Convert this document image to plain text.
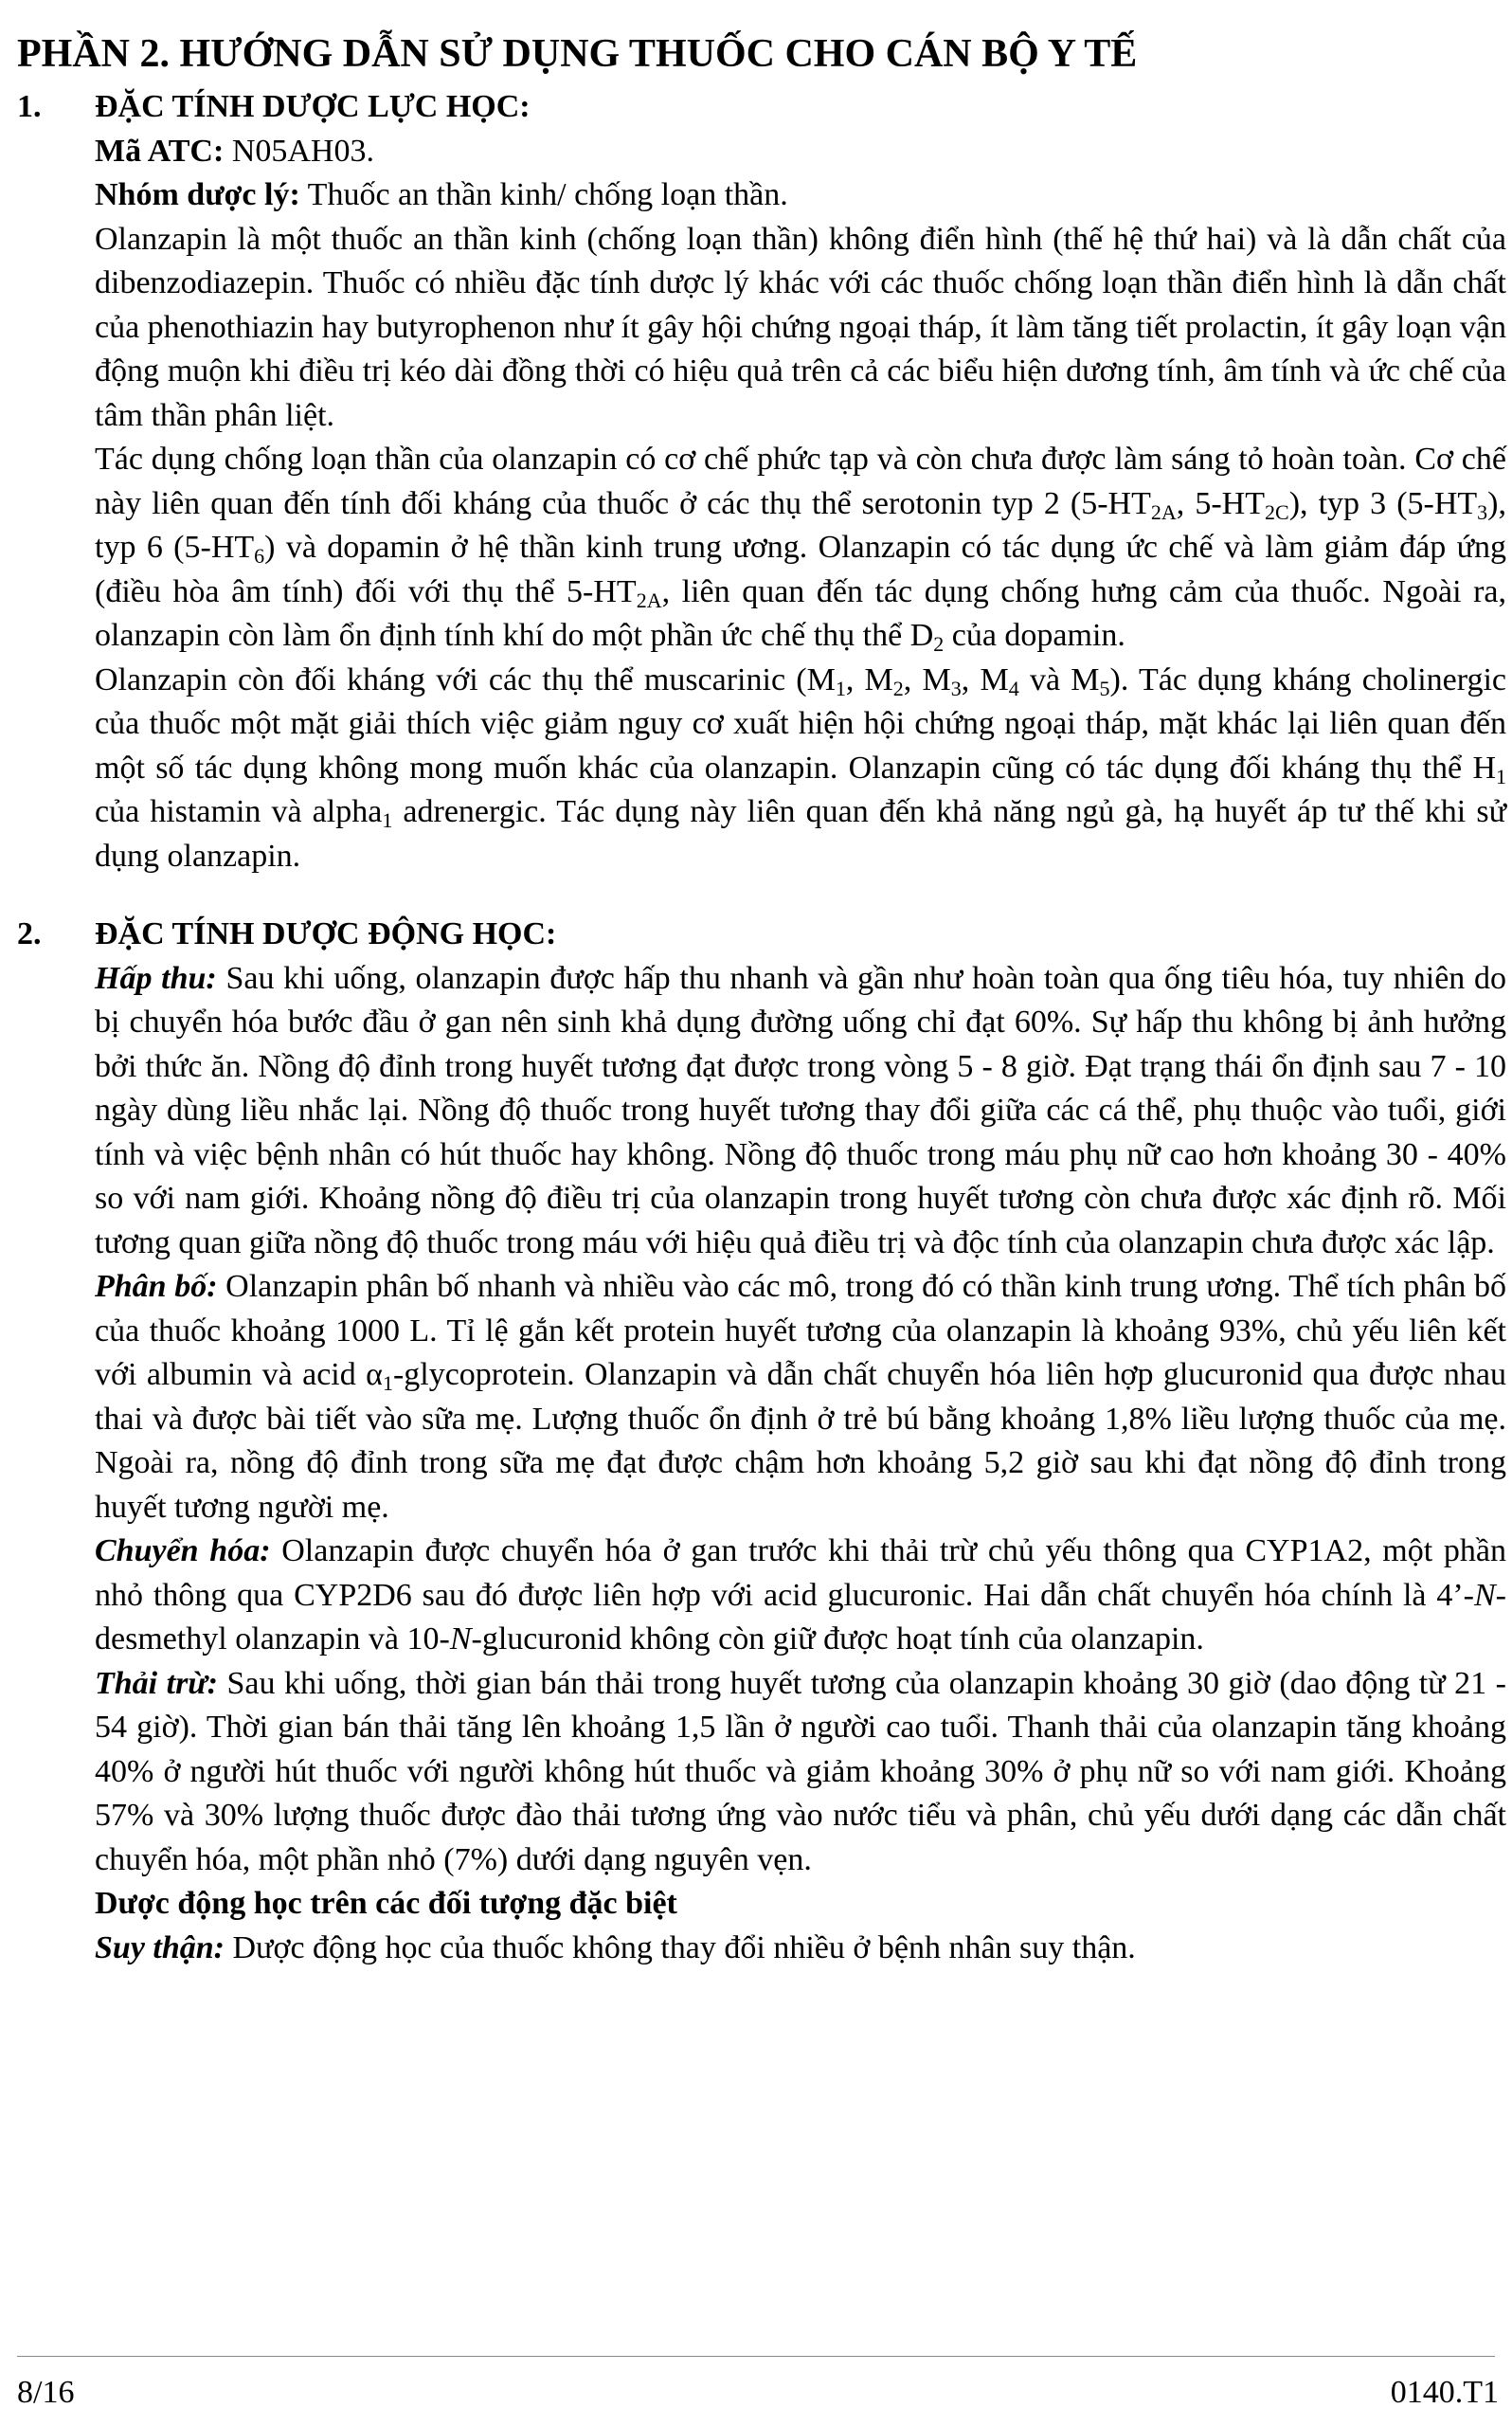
PHẦN 2. HƯỚNG DẪN SỬ DỤNG THUỐC CHO CÁN BỘ Y TẾ
1. ĐẶC TÍNH DƯỢC LỰC HỌC:

Mã ATC: N05AH03.

Nhóm dược lý: Thuốc an thần kinh/ chống loạn thần.

Olanzapin là một thuốc an thần kinh (chống loạn thần) không điển hình (thế hệ thứ hai) và là dẫn chất của dibenzodiazepin. Thuốc có nhiều đặc tính dược lý khác với các thuốc chống loạn thần điển hình là dẫn chất của phenothiazin hay butyrophenon như ít gây hội chứng ngoại tháp, ít làm tăng tiết prolactin, ít gây loạn vận động muộn khi điều trị kéo dài đồng thời có hiệu quả trên cả các biểu hiện dương tính, âm tính và ức chế của tâm thần phân liệt.

Tác dụng chống loạn thần của olanzapin có cơ chế phức tạp và còn chưa được làm sáng tỏ hoàn toàn. Cơ chế này liên quan đến tính đối kháng của thuốc ở các thụ thể serotonin typ 2 ($5-HT_{2A}$, $5-HT_{2C}$), typ 3 $(5-HT_3)$, typ 6 $(5-HT_6)$ và dopamin ở hệ thần kinh trung ương. Olanzapin có tác dụng ức chế và làm giảm đáp ứng (điều hòa âm tính) đối với thụ thể $5-HT_{2A}$, liên quan đến tác dụng chống hưng cảm của thuốc. Ngoài ra, olanzapin còn làm ổn định tính khí do một phần ức chế thụ thể $D_2$ của dopamin.

Olanzapin còn đối kháng với các thụ thể muscarinic ($M_1$, $M_2$, $M_3$, $M_4$ và $M_5$). Tác dụng kháng cholinergic của thuốc một mặt giải thích việc giảm nguy cơ xuất hiện hội chứng ngoại tháp, mặt khác lại liên quan đến một số tác dụng không mong muốn khác của olanzapin. Olanzapin cũng có tác dụng đối kháng thụ thể $H_1$ của histamin và alpha$_1$ adrenergic. Tác dụng này liên quan đến khả năng ngủ gà, hạ huyết áp tư thế khi sử dụng olanzapin.

2. ĐẶC TÍNH DƯỢC ĐỘNG HỌC:

Hấp thu: Sau khi uống, olanzapin được hấp thu nhanh và gần như hoàn toàn qua ống tiêu hóa, tuy nhiên do bị chuyển hóa bước đầu ở gan nên sinh khả dụng đường uống chỉ đạt 60%. Sự hấp thu không bị ảnh hưởng bởi thức ăn. Nồng độ đỉnh trong huyết tương đạt được trong vòng 5 - 8 giờ. Đạt trạng thái ổn định sau 7 - 10 ngày dùng liều nhắc lại. Nồng độ thuốc trong huyết tương thay đổi giữa các cá thể, phụ thuộc vào tuổi, giới tính và việc bệnh nhân có hút thuốc hay không. Nồng độ thuốc trong máu phụ nữ cao hơn khoảng 30 - 40% so với nam giới. Khoảng nồng độ điều trị của olanzapin trong huyết tương còn chưa được xác định rõ. Mối tương quan giữa nồng độ thuốc trong máu với hiệu quả điều trị và độc tính của olanzapin chưa được xác lập.

Phân bố: Olanzapin phân bố nhanh và nhiều vào các mô, trong đó có thần kinh trung ương. Thể tích phân bố của thuốc khoảng 1000 L. Tỉ lệ gắn kết protein huyết tương của olanzapin là khoảng 93%, chủ yếu liên kết với albumin và acid $\alpha_1$-glycoprotein. Olanzapin và dẫn chất chuyển hóa liên hợp glucuronid qua được nhau thai và được bài tiết vào sữa mẹ. Lượng thuốc ổn định ở trẻ bú bằng khoảng 1,8% liều lượng thuốc của mẹ. Ngoài ra, nồng độ đỉnh trong sữa mẹ đạt được chậm hơn khoảng 5,2 giờ sau khi đạt nồng độ đỉnh trong huyết tương người mẹ.

Chuyển hóa: Olanzapin được chuyển hóa ở gan trước khi thải trừ chủ yếu thông qua CYP1A2, một phần nhỏ thông qua CYP2D6 sau đó được liên hợp với acid glucuronic. Hai dẫn chất chuyển hóa chính là 4’-N-desmethyl olanzapin và 10-N-glucuronid không còn giữ được hoạt tính của olanzapin.

Thải trừ: Sau khi uống, thời gian bán thải trong huyết tương của olanzapin khoảng 30 giờ (dao động từ 21 - 54 giờ). Thời gian bán thải tăng lên khoảng 1,5 lần ở người cao tuổi. Thanh thải của olanzapin tăng khoảng 40% ở người hút thuốc với người không hút thuốc và giảm khoảng 30% ở phụ nữ so với nam giới. Khoảng 57% và 30% lượng thuốc được đào thải tương ứng vào nước tiểu và phân, chủ yếu dưới dạng các dẫn chất chuyển hóa, một phần nhỏ (7%) dưới dạng nguyên vẹn.

Dược động học trên các đối tượng đặc biệt

Suy thận: Dược động học của thuốc không thay đổi nhiều ở bệnh nhân suy thận.

8/16	0140.T1
